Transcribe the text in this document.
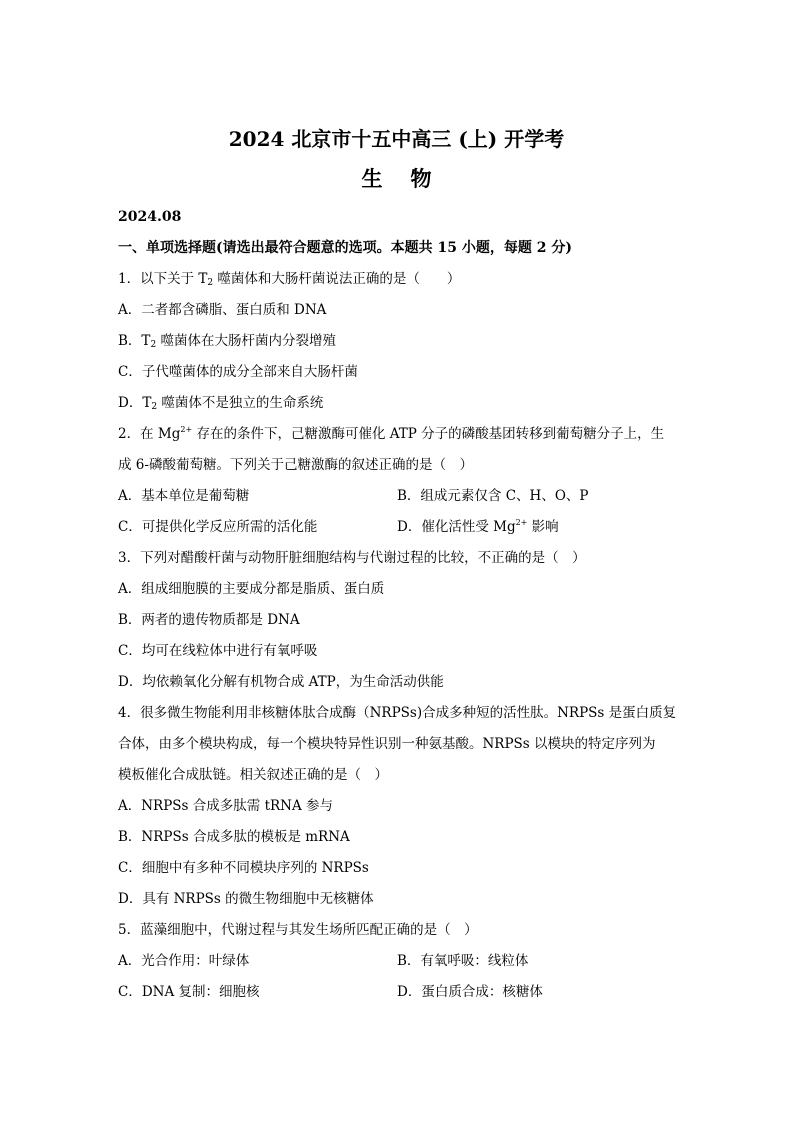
2024 北京市十五中高三 (上) 开学考
生物
2024.08
一、单项选择题(请选出最符合题意的选项。本题共 15 小题，每题 2 分)
1．以下关于 $T_2$ 噬菌体和大肠杆菌说法正确的是（　　）
A．二者都含磷脂、蛋白质和 DNA
B．$T_2$ 噬菌体在大肠杆菌内分裂增殖
C．子代噬菌体的成分全部来自大肠杆菌
D．$T_2$ 噬菌体不是独立的生命系统
2．在 $Mg^{2+}$ 存在的条件下，己糖激酶可催化 ATP 分子的磷酸基团转移到葡萄糖分子上，生
成 6-磷酸葡萄糖。下列关于己糖激酶的叙述正确的是（　）
A．基本单位是葡萄糖	B．组成元素仅含 C、H、O、P
C．可提供化学反应所需的活化能	D．催化活性受 $Mg^{2+}$ 影响
3．下列对醋酸杆菌与动物肝脏细胞结构与代谢过程的比较，不正确的是（　）
A．组成细胞膜的主要成分都是脂质、蛋白质
B．两者的遗传物质都是 DNA
C．均可在线粒体中进行有氧呼吸
D．均依赖氧化分解有机物合成 ATP，为生命活动供能
4．很多微生物能利用非核糖体肽合成酶（NRPSs)合成多种短的活性肽。NRPSs 是蛋白质复
合体，由多个模块构成，每一个模块特异性识别一种氨基酸。NRPSs 以模块的特定序列为
模板催化合成肽链。相关叙述正确的是（　）
A．NRPSs 合成多肽需 tRNA 参与
B．NRPSs 合成多肽的模板是 mRNA
C．细胞中有多种不同模块序列的 NRPSs
D．具有 NRPSs 的微生物细胞中无核糖体
5．蓝藻细胞中，代谢过程与其发生场所匹配正确的是（　）
A．光合作用：叶绿体	B．有氧呼吸：线粒体
C．DNA 复制：细胞核	D．蛋白质合成：核糖体
